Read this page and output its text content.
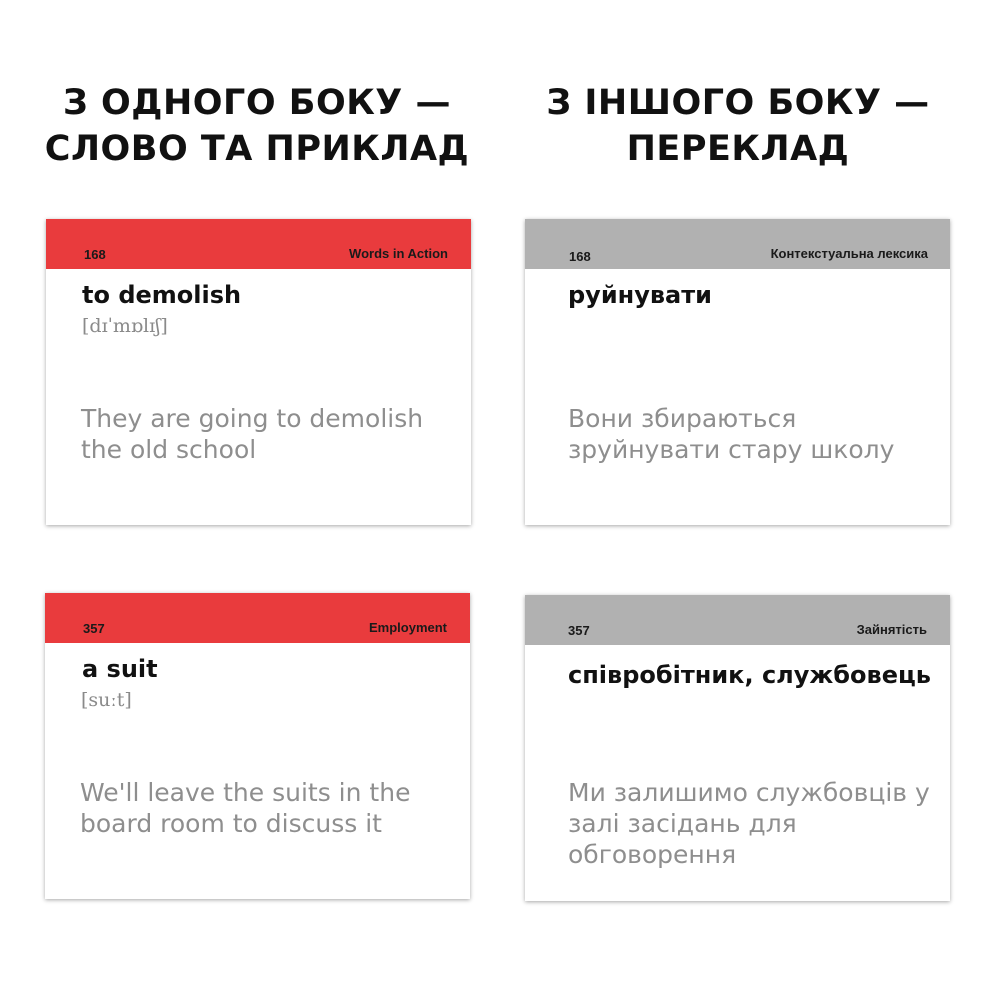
З ОДНОГО БОКУ —
СЛОВО ТА ПРИКЛАД
З ІНШОГО БОКУ —
ПЕРЕКЛАД
168	Words in Action
to demolish
[dɪˈmɒlɪʃ]
They are going to demolish the old school
168	Контекстуальна лексика
руйнувати
Вони збираються зруйнувати стару школу
357	Employment
a suit
[suːt]
We'll leave the suits in the board room to discuss it
357	Зайнятість
співробітник, службовець
Ми залишимо службовців у залі засідань для обговорення
